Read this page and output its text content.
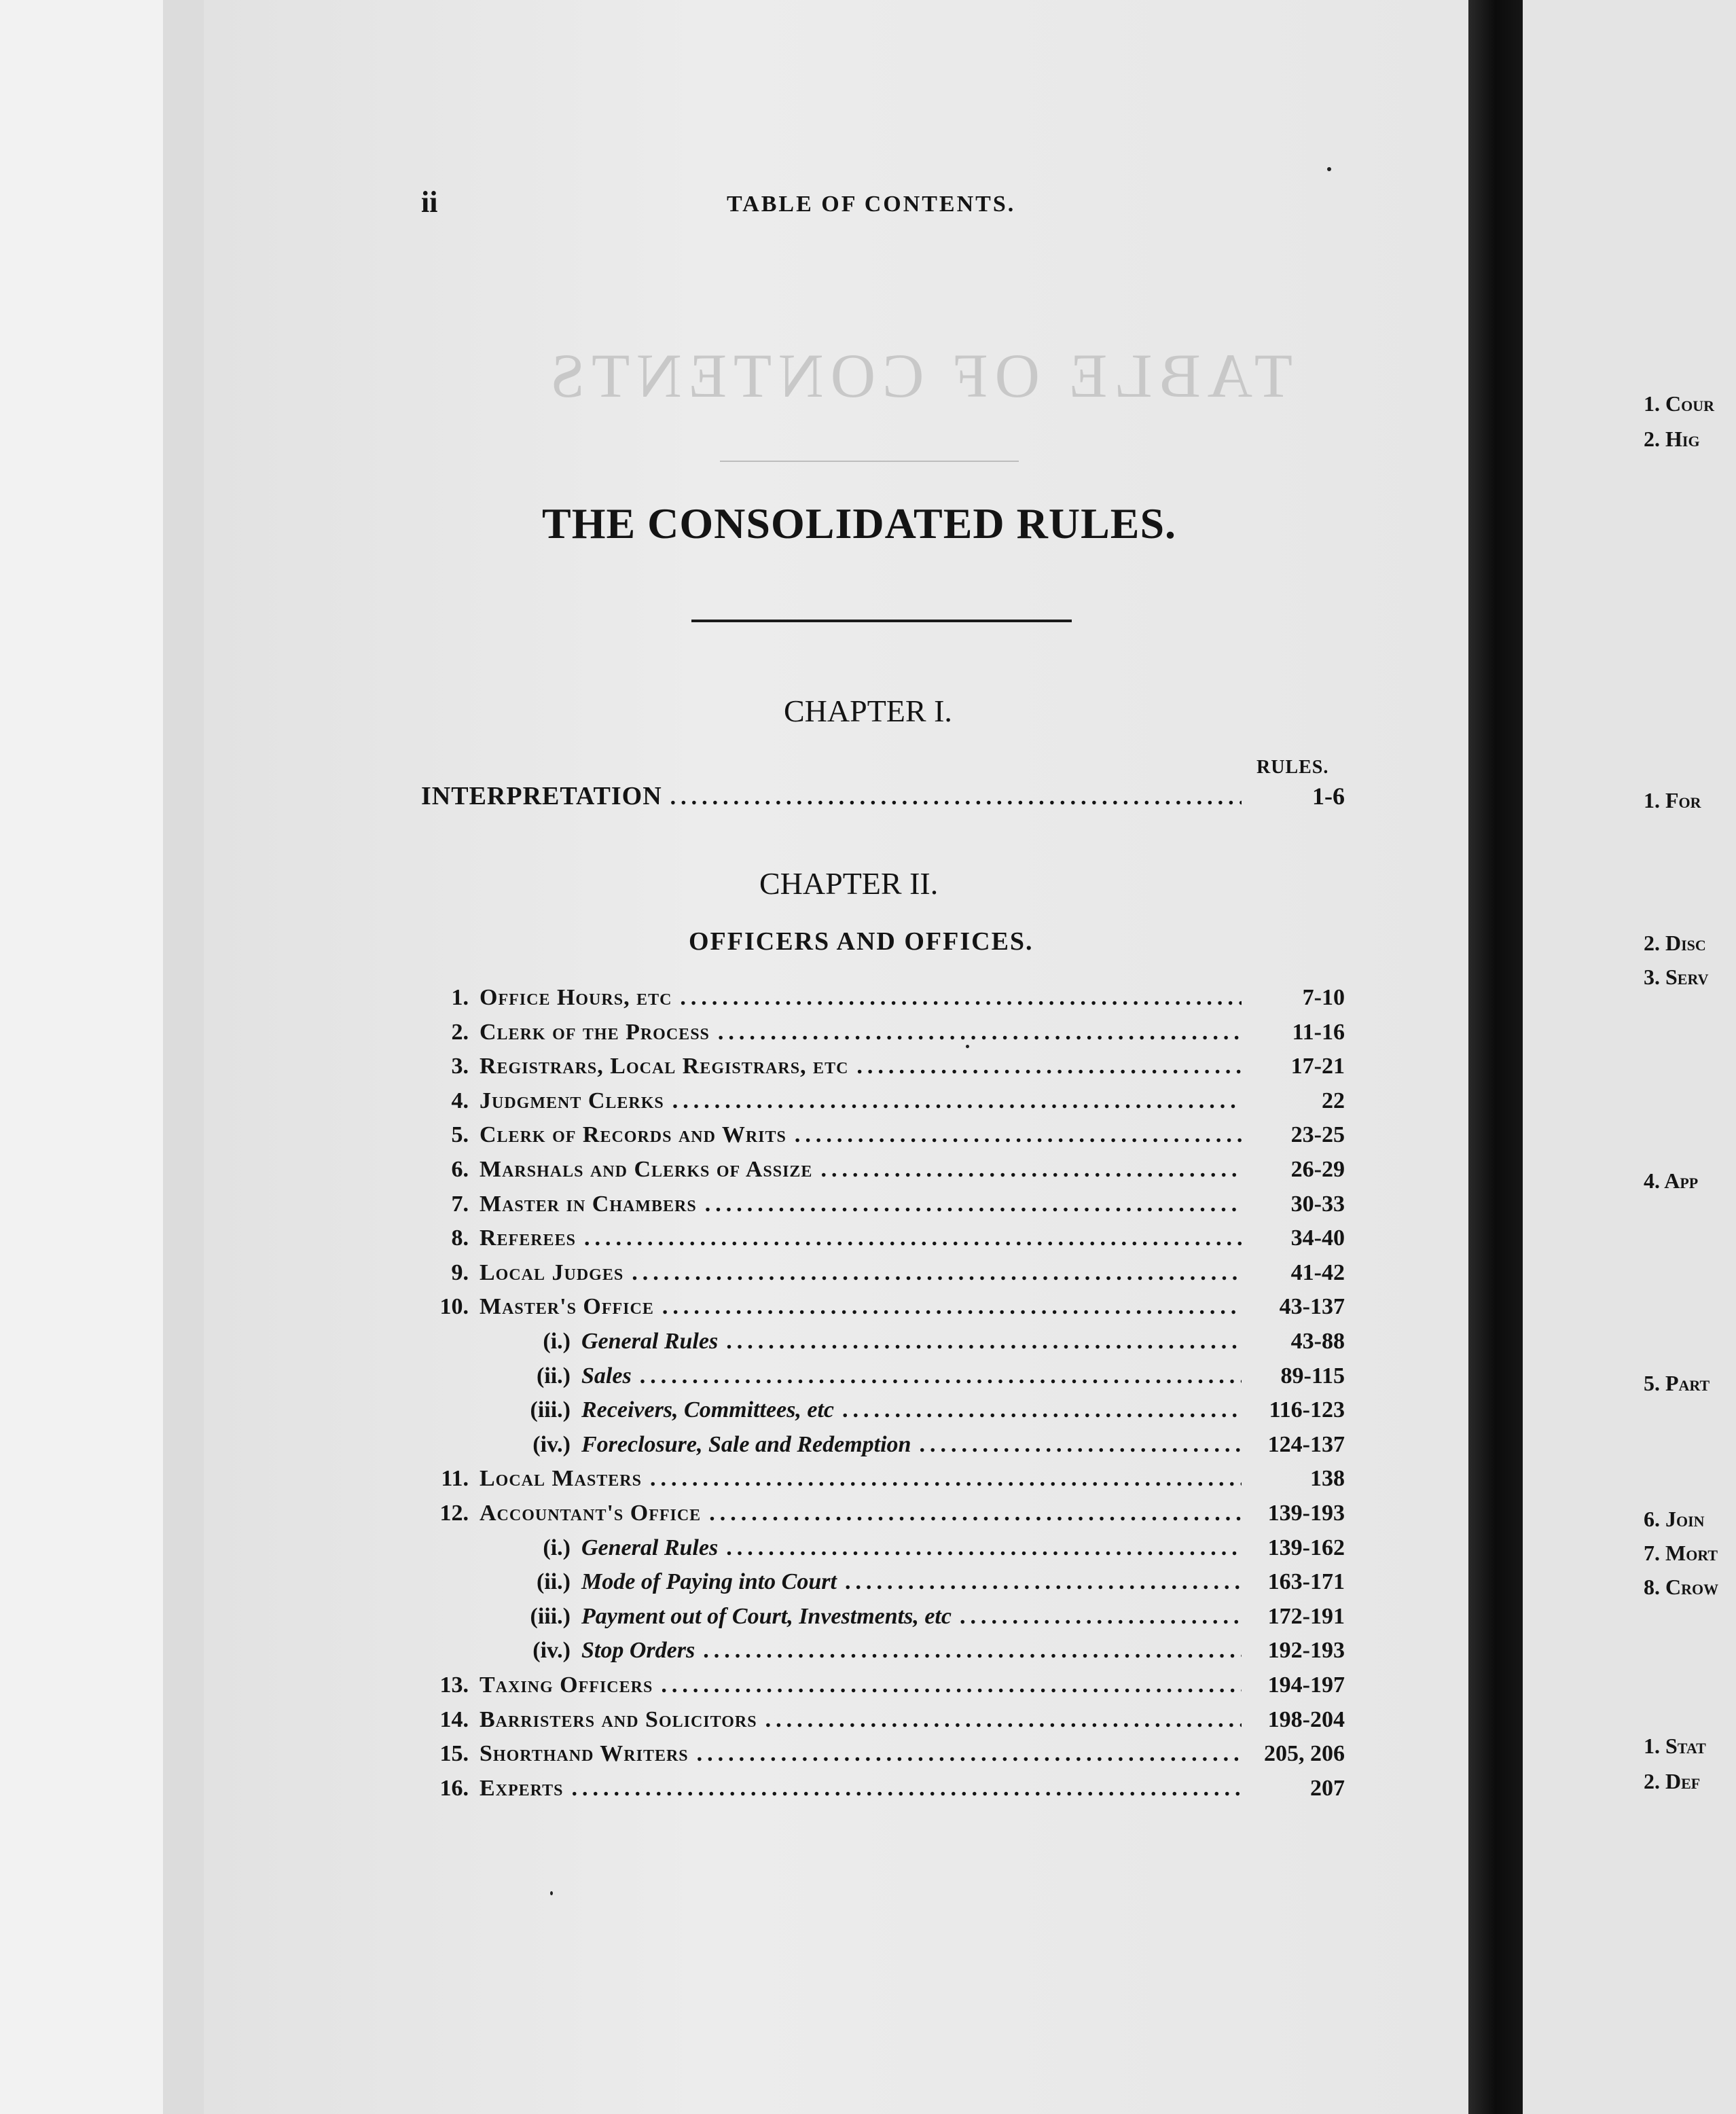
TABLE OF CONTENTS
ii	TABLE OF CONTENTS.
THE CONSOLIDATED RULES.
CHAPTER I.
RULES.
INTERPRETATION .....	1-6
CHAPTER II.
OFFICERS AND OFFICES.
1. Office Hours, etc .....	7-10
2. Clerk of the Process .....	11-16
3. Registrars, Local Registrars, etc .....	17-21
4. Judgment Clerks .....	22
5. Clerk of Records and Writs .....	23-25
6. Marshals and Clerks of Assize .....	26-29
7. Master in Chambers .....	30-33
8. Referees .....	34-40
9. Local Judges .....	41-42
10. Master's Office .....	43-137
(i.) General Rules .....	43-88
(ii.) Sales .....	89-115
(iii.) Receivers, Committees, etc .....	116-123
(iv.) Foreclosure, Sale and Redemption .....	124-137
11. Local Masters .....	138
12. Accountant's Office .....	139-193
(i.) General Rules .....	139-162
(ii.) Mode of Paying into Court .....	163-171
(iii.) Payment out of Court, Investments, etc .....	172-191
(iv.) Stop Orders .....	192-193
13. Taxing Officers .....	194-197
14. Barristers and Solicitors .....	198-204
15. Shorthand Writers .....	205, 206
16. Experts .....	207
1. Cour
2. Hig
1. For
2. Disc
3. Serv
4. App
5. Part
6. Join
7. Mort
8. Crow
1. Stat
2. Def
